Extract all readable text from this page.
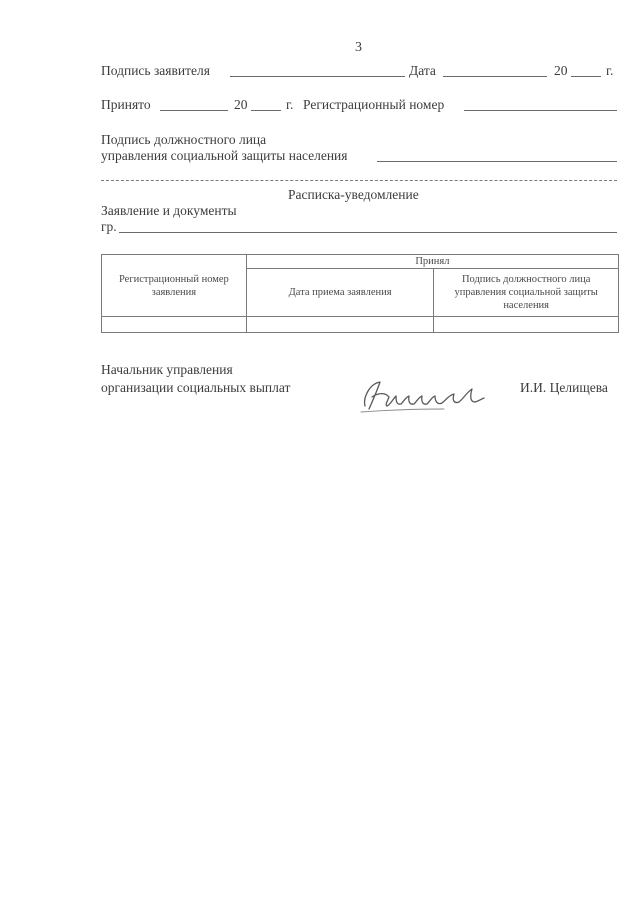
3
Подпись заявителя	Дата	20	г.
Принято	20	г. Регистрационный номер
Подпись должностного лица
управления социальной защиты населения
Расписка-уведомление
Заявление и документы
гр.
Регистрационный номер заявления	Принял	
	Дата приема заявления	Подпись должностного лица управления социальной защиты населения

Начальник управления
организации социальных выплат	И.И. Целищева
